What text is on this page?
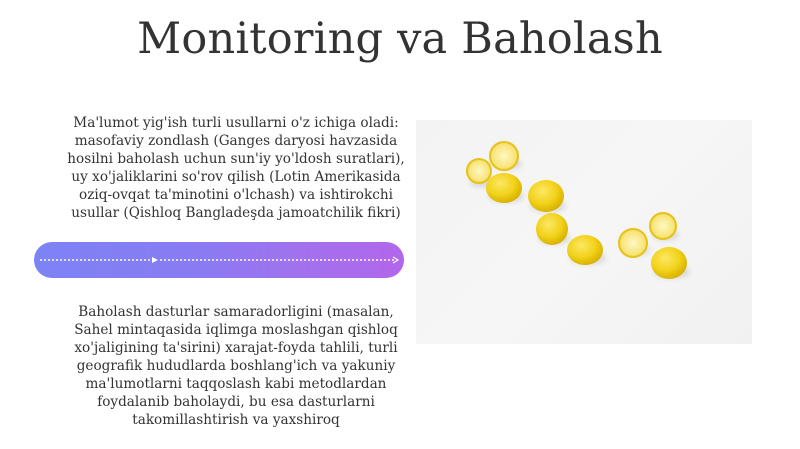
Monitoring va Baholash

Ma'lumot yig'ish turli usullarni o'z ichiga oladi: masofaviy zondlash (Ganges daryosi havzasida hosilni baholash uchun sun'iy yo'ldosh suratlari), uy xo'jaliklarini so'rov qilish (Lotin Amerikasida oziq-ovqat ta'minotini o'lchash) va ishtirokchi usullar (Qishloq Bangladeşda jamoatchilik fikri)

Baholash dasturlar samaradorligini (masalan, Sahel mintaqasida iqlimga moslashgan qishloq xo'jaligining ta'sirini) xarajat-foyda tahlili, turli geografik hududlarda boshlang'ich va yakuniy ma'lumotlarni taqqoslash kabi metodlardan foydalanib baholaydi, bu esa dasturlarni takomillashtirish va yaxshiroq
